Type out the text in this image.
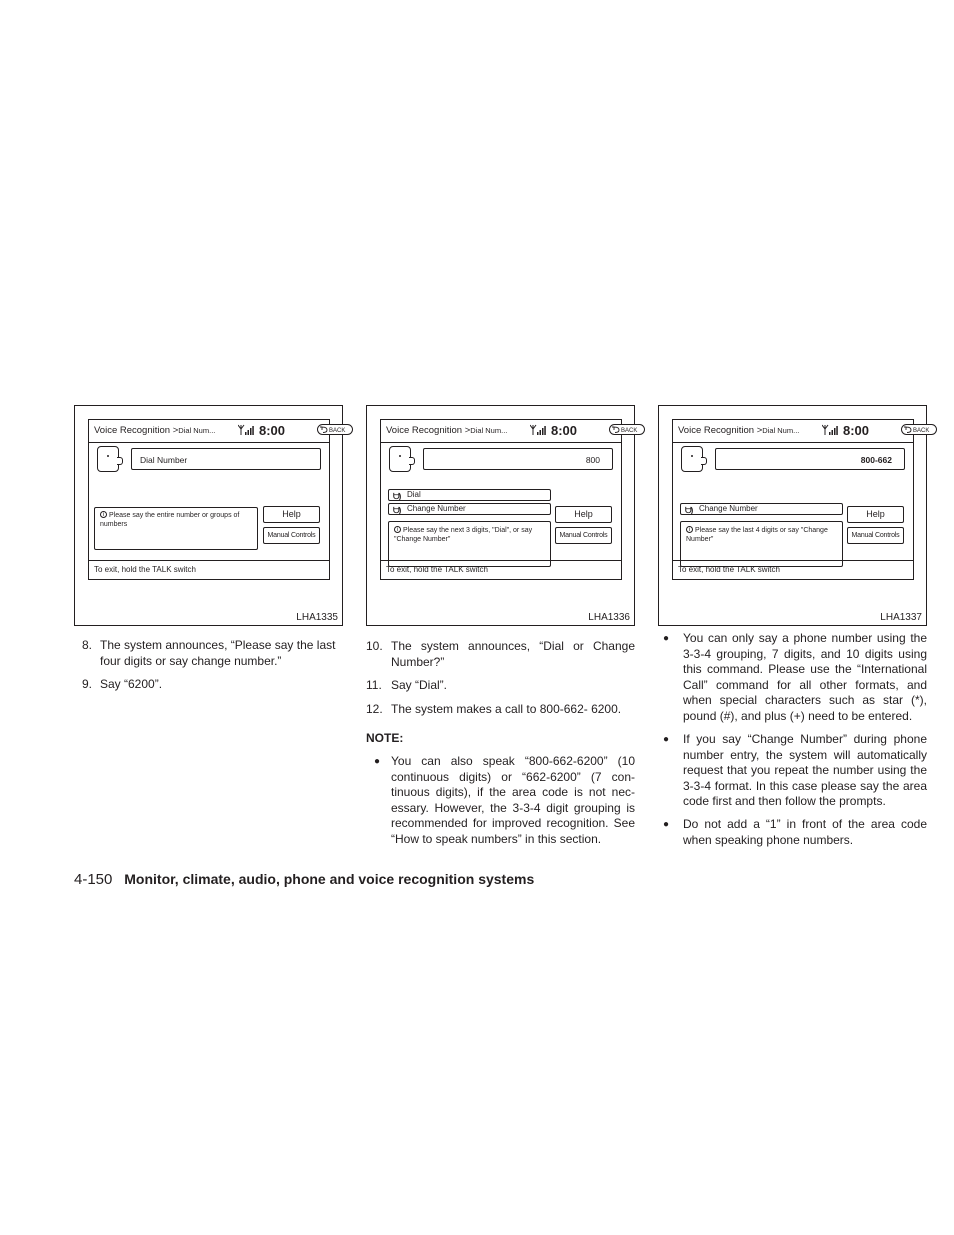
Voice Recognition >Dial Num...	8:00	BACK
Dial Number
i Please say the entire number or groups of numbers
Help
Manual Controls
To exit, hold the TALK switch
LHA1335
Voice Recognition >Dial Num...	8:00	BACK
800
ᗨ) Dial
ᗨ) Change Number
i Please say the next 3 digits, "Dial", or say "Change Number"
Help
Manual Controls
To exit, hold the TALK switch
LHA1336
Voice Recognition >Dial Num...	8:00	BACK
800-662
ᗨ) Change Number
i Please say the last 4 digits or say "Change Number"
Help
Manual Controls
To exit, hold the TALK switch
LHA1337
8. The system announces, “Please say the last four digits or say change number.”
9. Say “6200”.
10. The system announces, “Dial or Change Number?”
11. Say “Dial”.
12. The system makes a call to 800-662- 6200.
NOTE:
● You can also speak “800-662-6200” (10 continuous digits) or “662-6200” (7 con-tinuous digits), if the area code is not nec-essary. However, the 3-3-4 digit grouping is recommended for improved recognition. See “How to speak numbers” in this section.
● You can only say a phone number using the 3-3-4 grouping, 7 digits, and 10 digits using this command. Please use the “International Call” command for all other formats, and when special characters such as star (*), pound (#), and plus (+) need to be entered.
● If you say “Change Number” during phone number entry, the system will automatically request that you repeat the number using the 3-3-4 format. In this case please say the area code first and then follow the prompts.
● Do not add a “1” in front of the area code when speaking phone numbers.
4-150 Monitor, climate, audio, phone and voice recognition systems
